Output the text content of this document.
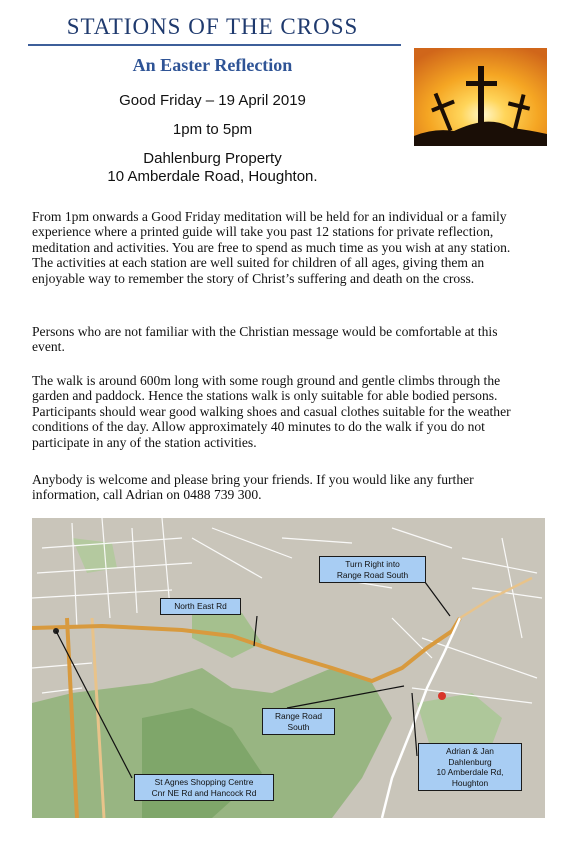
STATIONS OF THE CROSS
An Easter Reflection
Good Friday – 19 April 2019
1pm to 5pm
Dahlenburg Property
10 Amberdale Road, Houghton.
From 1pm onwards a Good Friday meditation will be held for an individual or a family experience where a printed guide will take you past 12 stations for private reflection, meditation and activities. You are free to spend as much time as you wish at any station. The activities at each station are well suited for children of all ages, giving them an enjoyable way to remember the story of Christ’s suffering and death on the cross.
Persons who are not familiar with the Christian message would be comfortable at this event.
The walk is around 600m long with some rough ground and gentle climbs through the garden and paddock. Hence the stations walk is only suitable for able bodied persons. Participants should wear good walking shoes and casual clothes suitable for the weather conditions of the day. Allow approximately 40 minutes to do the walk if you do not participate in any of the station activities.
Anybody is welcome and please bring your friends. If you would like any further information, call Adrian on 0488 739 300.
Turn Right into
Range Road South
North East Rd
Range Road
South
St Agnes Shopping Centre
Cnr NE Rd and Hancock Rd
Adrian & Jan
Dahlenburg
10 Amberdale Rd,
Houghton
